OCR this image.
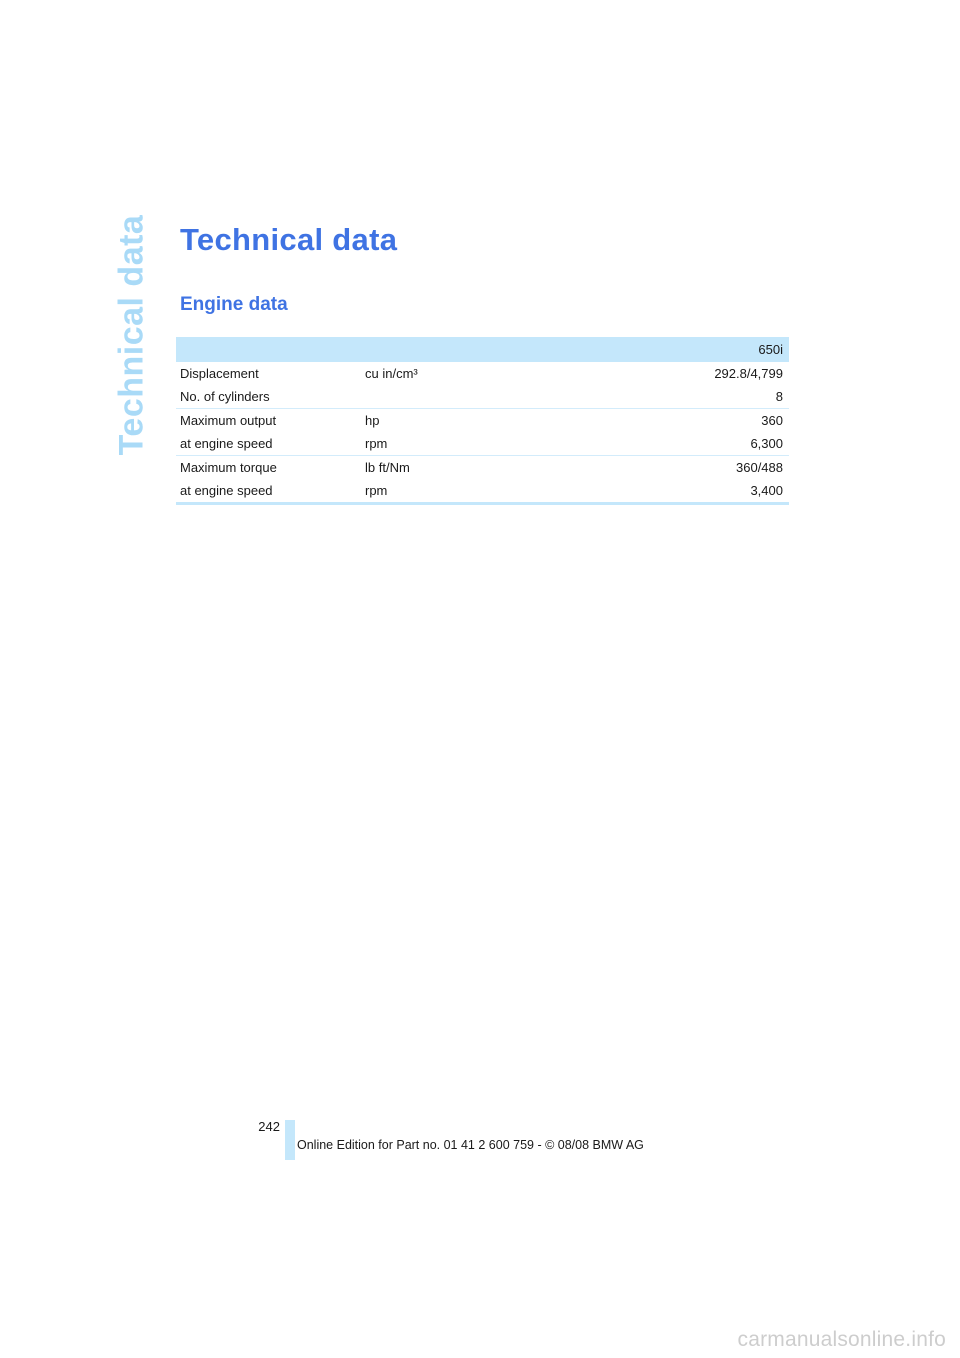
Technical data Technical data
Engine data
		650i
Displacement	cu in/cm³	292.8/4,799
No. of cylinders		8
Maximum output	hp	360
at engine speed	rpm	6,300
Maximum torque	lb ft/Nm	360/488
at engine speed	rpm	3,400
242
Online Edition for Part no. 01 41 2 600 759 - © 08/08 BMW AG
carmanualsonline.info
